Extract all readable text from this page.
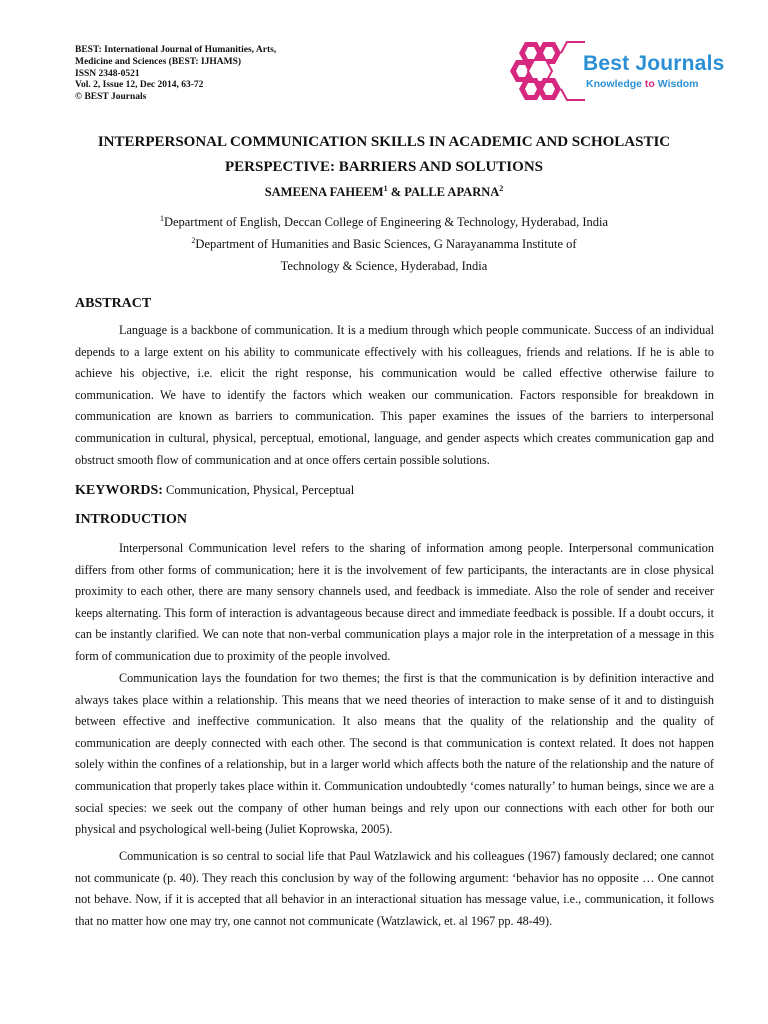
BEST: International Journal of Humanities, Arts,
Medicine and Sciences (BEST: IJHAMS)
ISSN 2348-0521
Vol. 2, Issue 12, Dec 2014, 63-72
© BEST Journals
Best Journals
Knowledge to Wisdom
INTERPERSONAL COMMUNICATION SKILLS IN ACADEMIC AND SCHOLASTIC
PERSPECTIVE: BARRIERS AND SOLUTIONS
SAMEENA FAHEEM$^1$ & PALLE APARNA$^2$
$^1$Department of English, Deccan College of Engineering & Technology, Hyderabad, India
$^2$Department of Humanities and Basic Sciences, G Narayanamma Institute of
Technology & Science, Hyderabad, India
ABSTRACT

Language is a backbone of communication. It is a medium through which people communicate. Success of an individual depends to a large extent on his ability to communicate effectively with his colleagues, friends and relations. If he is able to achieve his objective, i.e. elicit the right response, his communication would be called effective otherwise failure to communication. We have to identify the factors which weaken our communication. Factors responsible for breakdown in communication are known as barriers to communication. This paper examines the issues of the barriers to interpersonal communication in cultural, physical, perceptual, emotional, language, and gender aspects which creates communication gap and obstruct smooth flow of communication and at once offers certain possible solutions.

KEYWORDS: Communication, Physical, Perceptual
INTRODUCTION

Interpersonal Communication level refers to the sharing of information among people. Interpersonal communication differs from other forms of communication; here it is the involvement of few participants, the interactants are in close physical proximity to each other, there are many sensory channels used, and feedback is immediate. Also the role of sender and receiver keeps alternating. This form of interaction is advantageous because direct and immediate feedback is possible. If a doubt occurs, it can be instantly clarified. We can note that non-verbal communication plays a major role in the interpretation of a message in this form of communication due to proximity of the people involved.

Communication lays the foundation for two themes; the first is that the communication is by definition interactive and always takes place within a relationship. This means that we need theories of interaction to make sense of it and to distinguish between effective and ineffective communication. It also means that the quality of the relationship and the quality of communication are deeply connected with each other. The second is that communication is context related. It does not happen solely within the confines of a relationship, but in a larger world which affects both the nature of the relationship and the nature of communication that properly takes place within it. Communication undoubtedly ‘comes naturally’ to human beings, since we are a social species: we seek out the company of other human beings and rely upon our connections with each other for both our physical and psychological well-being (Juliet Koprowska, 2005).

Communication is so central to social life that Paul Watzlawick and his colleagues (1967) famously declared; one cannot not communicate (p. 40). They reach this conclusion by way of the following argument: ‘behavior has no opposite … One cannot not behave. Now, if it is accepted that all behavior in an interactional situation has message value, i.e., communication, it follows that no matter how one may try, one cannot not communicate (Watzlawick, et. al 1967 pp. 48-49).
